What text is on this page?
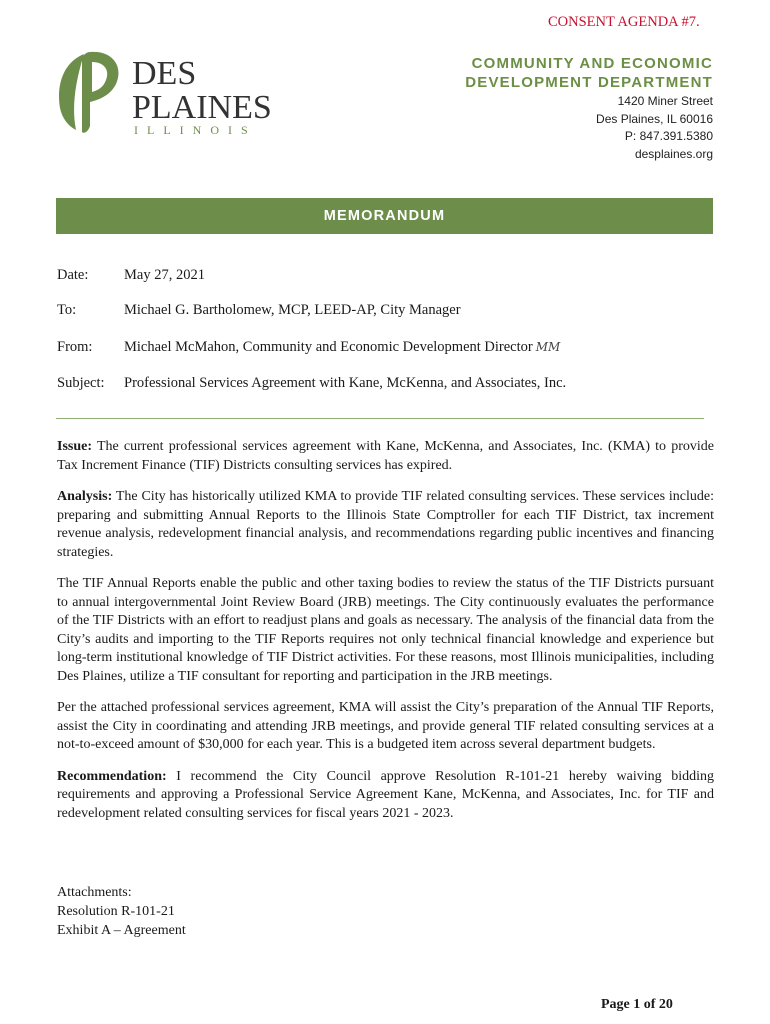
CONSENT AGENDA #7.
DES
PLAINES
ILLINOIS
COMMUNITY AND ECONOMIC
DEVELOPMENT DEPARTMENT
1420 Miner Street
Des Plaines, IL 60016
P: 847.391.5380
desplaines.org
MEMORANDUM
Date: May 27, 2021
To:	Michael G. Bartholomew, MCP, LEED-AP, City Manager
From: Michael McMahon, Community and Economic Development Director MM
Subject: Professional Services Agreement with Kane, McKenna, and Associates, Inc.

Issue: The current professional services agreement with Kane, McKenna, and Associates, Inc. (KMA) to provide Tax Increment Finance (TIF) Districts consulting services has expired.

Analysis: The City has historically utilized KMA to provide TIF related consulting services. These services include: preparing and submitting Annual Reports to the Illinois State Comptroller for each TIF District, tax increment revenue analysis, redevelopment financial analysis, and recommendations regarding public incentives and financing strategies.

The TIF Annual Reports enable the public and other taxing bodies to review the status of the TIF Districts pursuant to annual intergovernmental Joint Review Board (JRB) meetings. The City continuously evaluates the performance of the TIF Districts with an effort to readjust plans and goals as necessary. The analysis of the financial data from the City’s audits and importing to the TIF Reports requires not only technical financial knowledge and experience but long-term institutional knowledge of TIF District activities. For these reasons, most Illinois municipalities, including Des Plaines, utilize a TIF consultant for reporting and participation in the JRB meetings.

Per the attached professional services agreement, KMA will assist the City’s preparation of the Annual TIF Reports, assist the City in coordinating and attending JRB meetings, and provide general TIF related consulting services at a not-to-exceed amount of $30,000 for each year. This is a budgeted item across several department budgets.

Recommendation: I recommend the City Council approve Resolution R-101-21 hereby waiving bidding requirements and approving a Professional Service Agreement Kane, McKenna, and Associates, Inc. for TIF and redevelopment related consulting services for fiscal years 2021 - 2023.

Attachments:
Resolution R-101-21
Exhibit A – Agreement
Page 1 of 20
